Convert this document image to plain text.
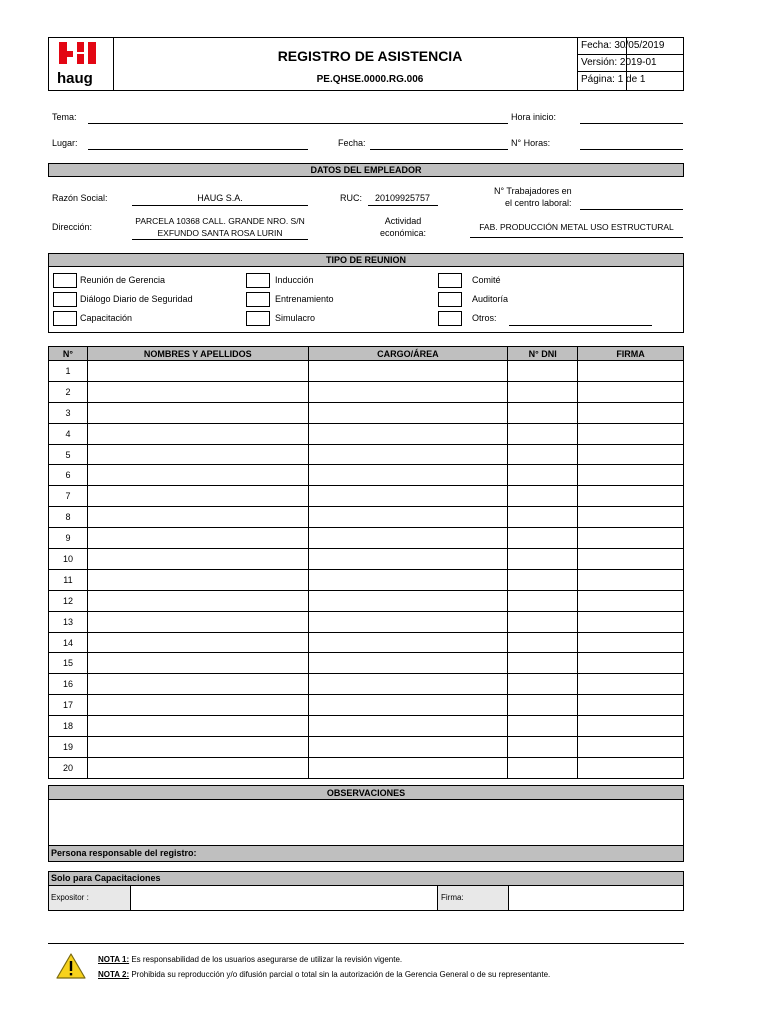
haug
REGISTRO DE ASISTENCIA
PE.QHSE.0000.RG.006
Fecha: 30/05/2019
Versión: 2019-01
Página: 1 de 1
Tema:	Hora inicio:
Lugar:	Fecha:	N° Horas:
DATOS DEL EMPLEADOR
Razón Social:	HAUG S.A.	RUC: 20109925757
N° Trabajadores en
el centro laboral:
Dirección:
PARCELA 10368 CALL. GRANDE NRO. S/N
EXFUNDO SANTA ROSA LURIN
Actividad
económica:
FAB. PRODUCCIÓN METAL USO ESTRUCTURAL
TIPO DE REUNION
Reunión de Gerencia	Inducción	Comité
Diálogo Diario de Seguridad	Entrenamiento	Auditoría
Capacitación	Simulacro	Otros:
N°	NOMBRES Y APELLIDOS	CARGO/ÁREA	N° DNI	FIRMA
1				
2				
3				
4				
5				
6				
7				
8				
9				
10				
11				
12				
13				
14				
15				
16				
17				
18				
19				
20				
OBSERVACIONES
Persona responsable del registro:
Solo para Capacitaciones
Expositor :	Firma:
NOTA 1: Es responsabilidad de los usuarios asegurarse de utilizar la revisión vigente.
NOTA 2: Prohibida su reproducción y/o difusión parcial o total sin la autorización de la Gerencia General o de su representante.
